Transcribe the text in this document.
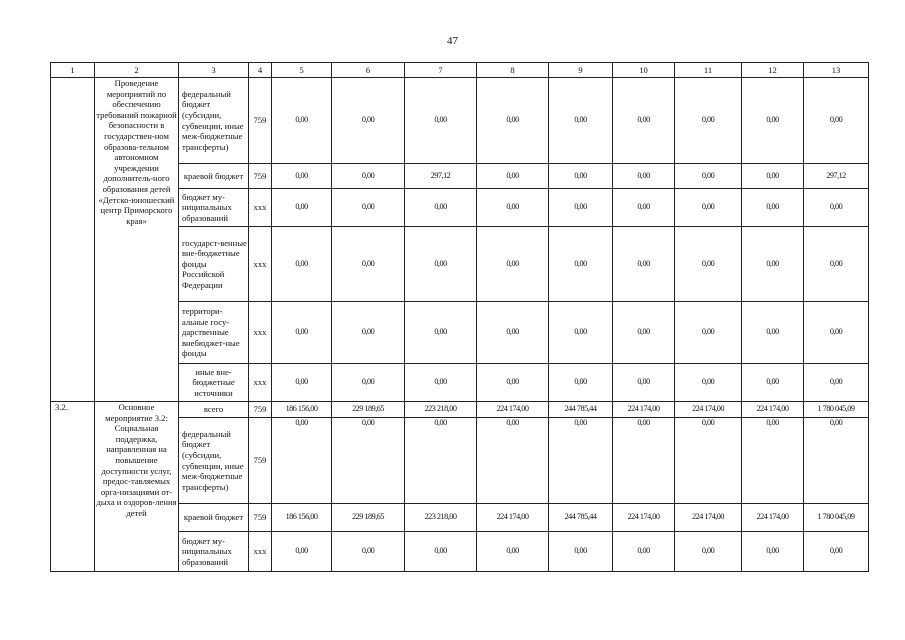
47
1	2	3	4	5	6	7	8	9	10	11	12	13
	Проведение мероприятий по обеспечению требований пожарной безопасности в государствен-ном образова-тельном автономном учреждении дополнитель-ного образования детей «Детско-юношеский центр Приморского края»	федеральный бюджет (субсидии, субвенции, иные меж-бюджетные трансферты)	759	0,00	0,00	0,00	0,00	0,00	0,00	0,00	0,00	0,00
		краевой бюджет	759	0,00	0,00	297,12	0,00	0,00	0,00	0,00	0,00	297,12
		бюджет му-ниципальных образований	ххх	0,00	0,00	0,00	0,00	0,00	0,00	0,00	0,00	0,00
		государст-венные вне-бюджетные фонды Российской Федерации	ххх	0,00	0,00	0,00	0,00	0,00	0,00	0,00	0,00	0,00
		территори-альные госу-дарственные внебюджет-ные фонды	ххх	0,00	0,00	0,00	0,00	0,00	0,00	0,00	0,00	0,00
		иные вне-бюджетные источники	ххх	0,00	0,00	0,00	0,00	0,00	0,00	0,00	0,00	0,00
3.2.	Основное мероприятие 3.2: Социальная поддержка, направленная на повышение доступности услуг, предос-тавляемых орга-низациями от-дыха и оздоров-ления детей	всего	759	186 156,00	229 189,65	223 218,00	224 174,00	244 785,44	224 174,00	224 174,00	224 174,00	1 780 045,09
		федеральный бюджет (субсидии, субвенции, иные меж-бюджетные трансферты)	759	0,00	0,00	0,00	0,00	0,00	0,00	0,00	0,00	0,00
		краевой бюджет	759	186 156,00	229 189,65	223 218,00	224 174,00	244 785,44	224 174,00	224 174,00	224 174,00	1 780 045,09
		бюджет му-ниципальных образований	ххх	0,00	0,00	0,00	0,00	0,00	0,00	0,00	0,00	0,00
